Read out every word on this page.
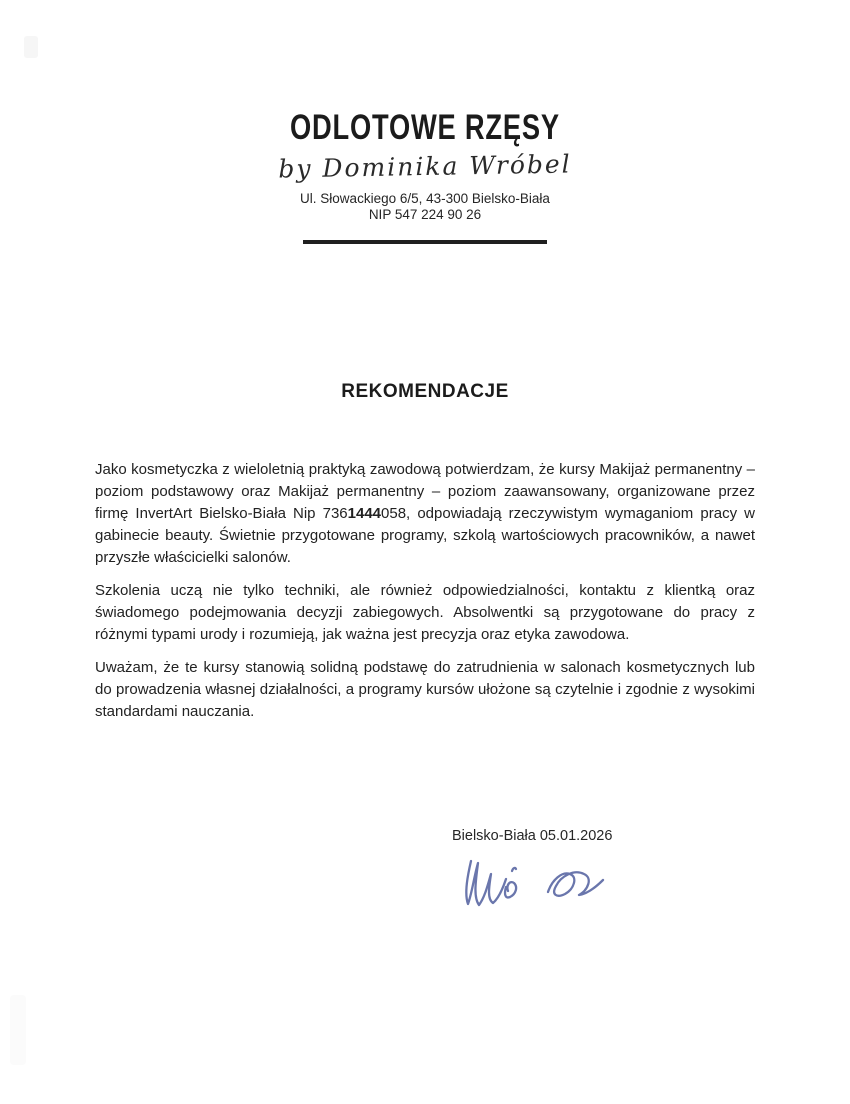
ODLOTOWE RZĘSY
by Dominika Wróbel
Ul. Słowackiego 6/5, 43-300 Bielsko-Biała
NIP 547 224 90 26
REKOMENDACJE

Jako kosmetyczka z wieloletnią praktyką zawodową potwierdzam, że kursy Makijaż permanentny – poziom podstawowy oraz Makijaż permanentny – poziom zaawansowany, organizowane przez firmę InvertArt Bielsko-Biała Nip 7361444058, odpowiadają rzeczywistym wymaganiom pracy w gabinecie beauty. Świetnie przygotowane programy, szkolą wartościowych pracowników, a nawet przyszłe właścicielki salonów.

Szkolenia uczą nie tylko techniki, ale również odpowiedzialności, kontaktu z klientką oraz świadomego podejmowania decyzji zabiegowych. Absolwentki są przygotowane do pracy z różnymi typami urody i rozumieją, jak ważna jest precyzja oraz etyka zawodowa.

Uważam, że te kursy stanowią solidną podstawę do zatrudnienia w salonach kosmetycznych lub do prowadzenia własnej działalności, a programy kursów ułożone są czytelnie i zgodnie z wysokimi standardami nauczania.

Bielsko-Biała 05.01.2026
